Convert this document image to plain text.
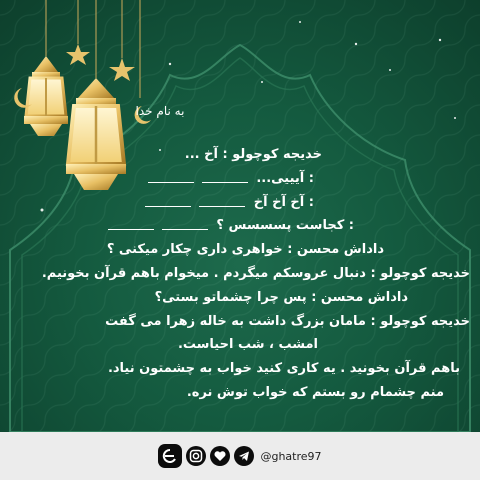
به نام خدا
خدیجه کوچولو : آخ ...
: آیییی...
: آخ آخ آخ
: کجاست پسسسس ؟
داداش محسن : خواهری داری چکار میکنی ؟
خدیجه کوچولو : دنبال عروسکم میگردم . میخوام باهم قرآن بخونیم.
داداش محسن : پس چرا چشماتو بستی؟
خدیجه کوچولو : مامان بزرگ داشت به خاله زهرا می گفت
امشب ، شب احیاست.
باهم قرآن بخونید . یه کاری کنید خواب به چشمتون نیاد.
منم چشمام رو بستم که خواب توش نره.
@ghatre97
